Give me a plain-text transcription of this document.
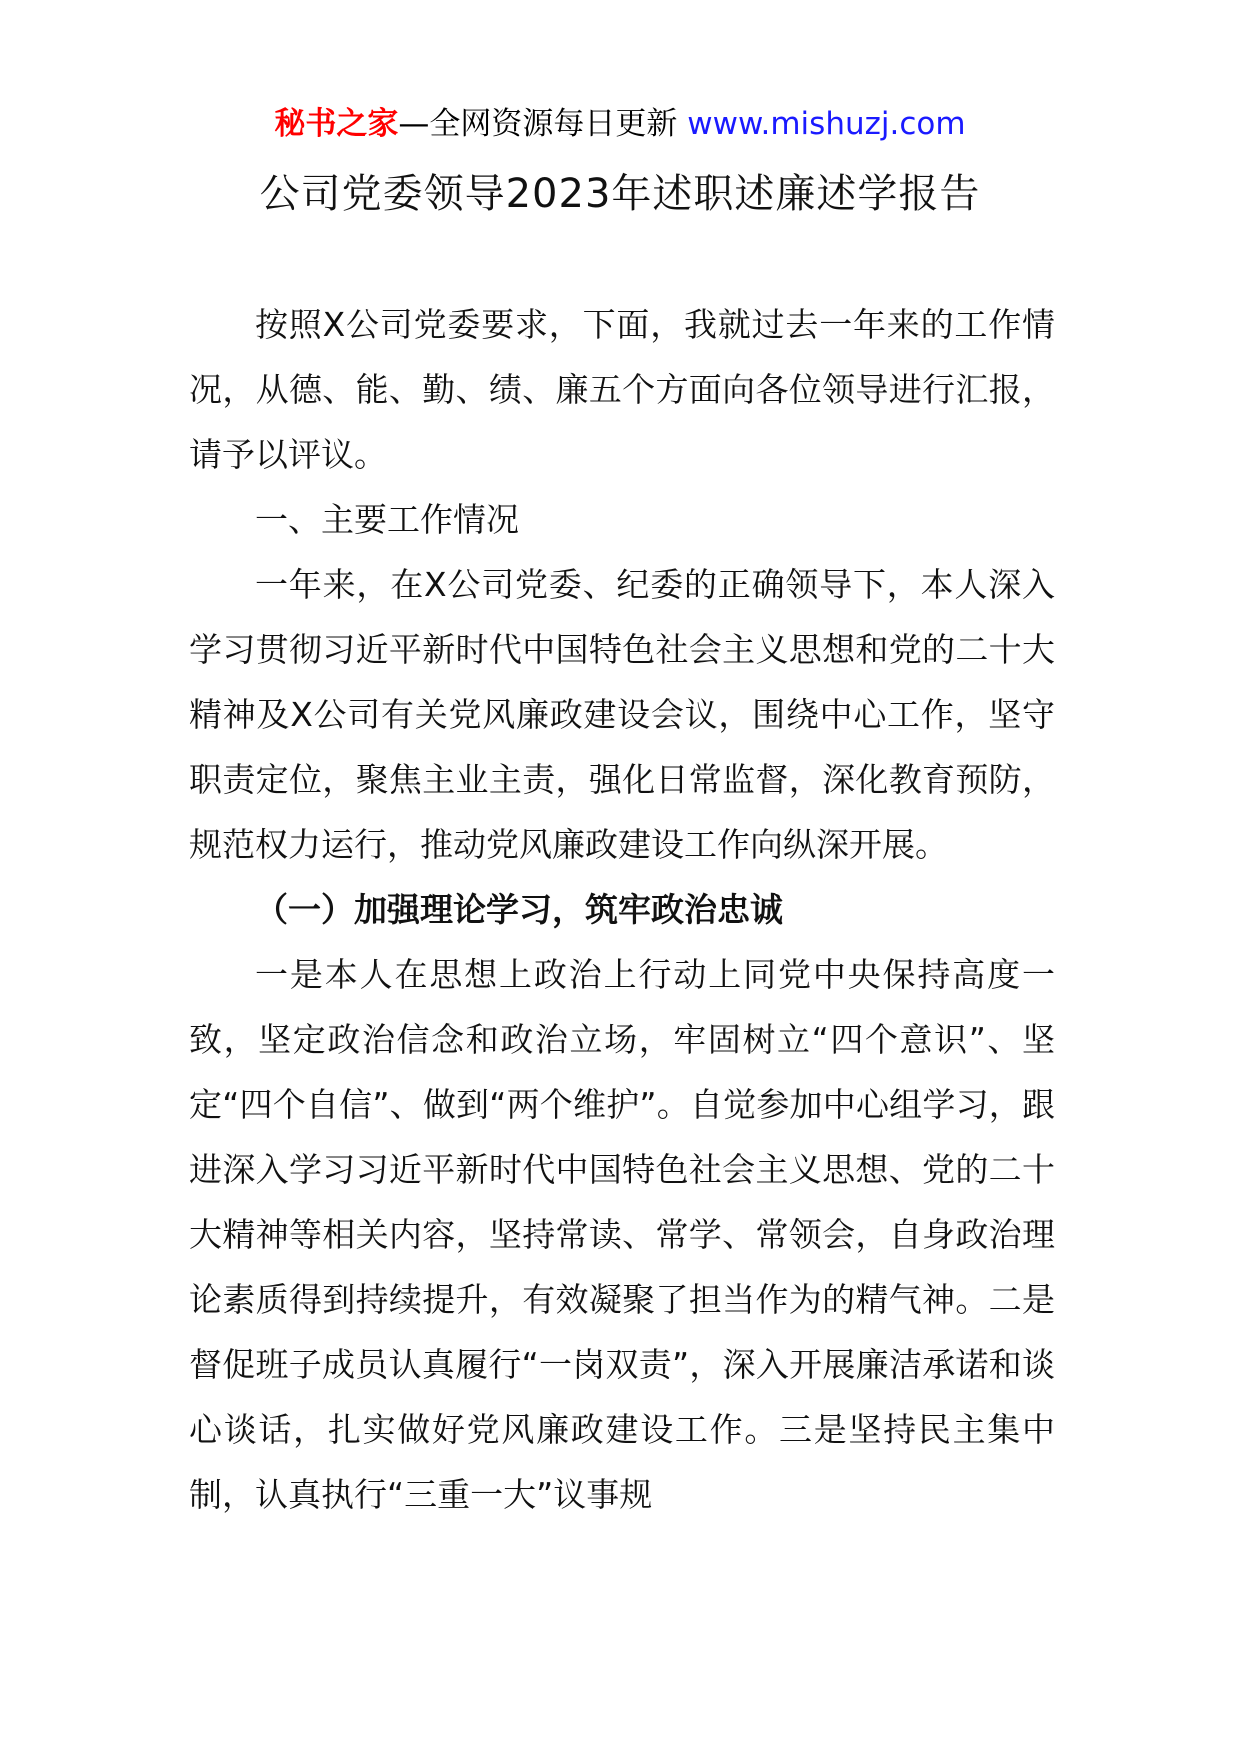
秘书之家—全网资源每日更新 www.mishuzj.com
公司党委领导2023年述职述廉述学报告

按照X公司党委要求，下面，我就过去一年来的工作情况，从德、能、勤、绩、廉五个方面向各位领导进行汇报，请予以评议。

一、主要工作情况

一年来，在X公司党委、纪委的正确领导下，本人深入学习贯彻习近平新时代中国特色社会主义思想和党的二十大精神及X公司有关党风廉政建设会议，围绕中心工作，坚守职责定位，聚焦主业主责，强化日常监督，深化教育预防，规范权力运行，推动党风廉政建设工作向纵深开展。

（一）加强理论学习，筑牢政治忠诚

一是本人在思想上政治上行动上同党中央保持高度一致，坚定政治信念和政治立场，牢固树立“四个意识”、坚定“四个自信”、做到“两个维护”。自觉参加中心组学习，跟进深入学习习近平新时代中国特色社会主义思想、党的二十大精神等相关内容，坚持常读、常学、常领会，自身政治理论素质得到持续提升，有效凝聚了担当作为的精气神。二是督促班子成员认真履行“一岗双责”，深入开展廉洁承诺和谈心谈话，扎实做好党风廉政建设工作。三是坚持民主集中制，认真执行“三重一大”议事规
